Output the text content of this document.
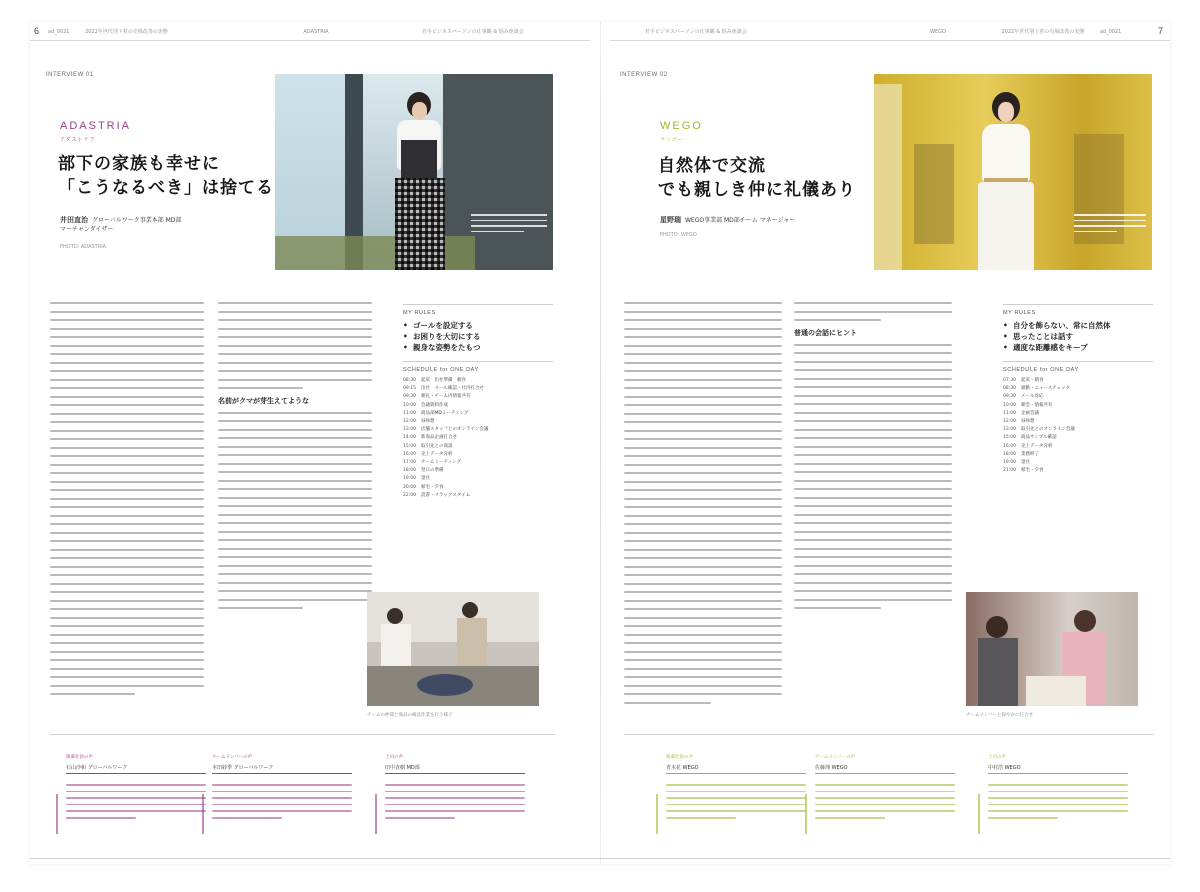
6 ad_0021	2022年世代別下着の売場改善の実態	ADASTRIA	若手ビジネスパーソンの仕事観 & 悩み座談会	若手ビジネスパーソンの仕事観 & 悩み座談会	WEGO	2022年世代別下着の売場改善の実態	ad_0021	7
INTERVIEW 01
ADASTRIA
アダストリア
部下の家族も幸せに
「こうなるべき」は捨てる
井田直治 グローバルワーク事業本部 MD部
マーチャンダイザー
PHOTO: ADASTRIA
名前がクマが芽生えてような
MY RULES
• ゴールを設定する
• お困りを大切にする
• 親身な姿勢をたもつ
SCHEDULE for ONE DAY
08:30	起床　出社準備　朝食
09:15	出社　メール確認・社内打合せ
09:30	朝礼・チーム内情報共有
10:00	会議資料作成
11:00	商品部MDミーティング
12:00	昼休憩
13:00	店舗スタッフとのオンライン会議
14:00	新商品企画打合せ
15:00	取引先との商談
16:00	売上データ分析
17:00	チームミーティング
18:00	翌日の準備
19:00	退社
20:00	帰宅・夕食
22:00	読書・リラックスタイム
チームの仲間と商品の検品作業を行う様子
INTERVIEW 02
WEGO
ウィゴー
自然体で交流
でも親しき仲に礼儀あり
星野瑞 WEGO事業部 MD部チーム マネージャー
PHOTO: WEGO
普通の会話にヒント
MY RULES
• 自分を飾らない、常に自然体
• 思ったことは話す
• 適度な距離感をキープ
SCHEDULE for ONE DAY
07:30	起床・朝食
08:30	通勤・ニュースチェック
09:30	メール対応
10:00	朝会・情報共有
11:00	企画会議
12:00	昼休憩
13:00	取引先とのオンライン会議
15:00	商品サンプル確認
16:00	売上データ分析
18:00	業務終了
19:00	退社
21:00	帰宅・夕食
チームメンバーと和やかに打合せ
後輩社員の声
石山沙和 グローバルワーク
チームメンバーの声
本田紗季 グローバルワーク
上司の声
田中直樹 MD部
後輩社員の声
青木花 WEGO
チームメンバーの声
佐藤理 WEGO
上司の声
中村浩 WEGO
